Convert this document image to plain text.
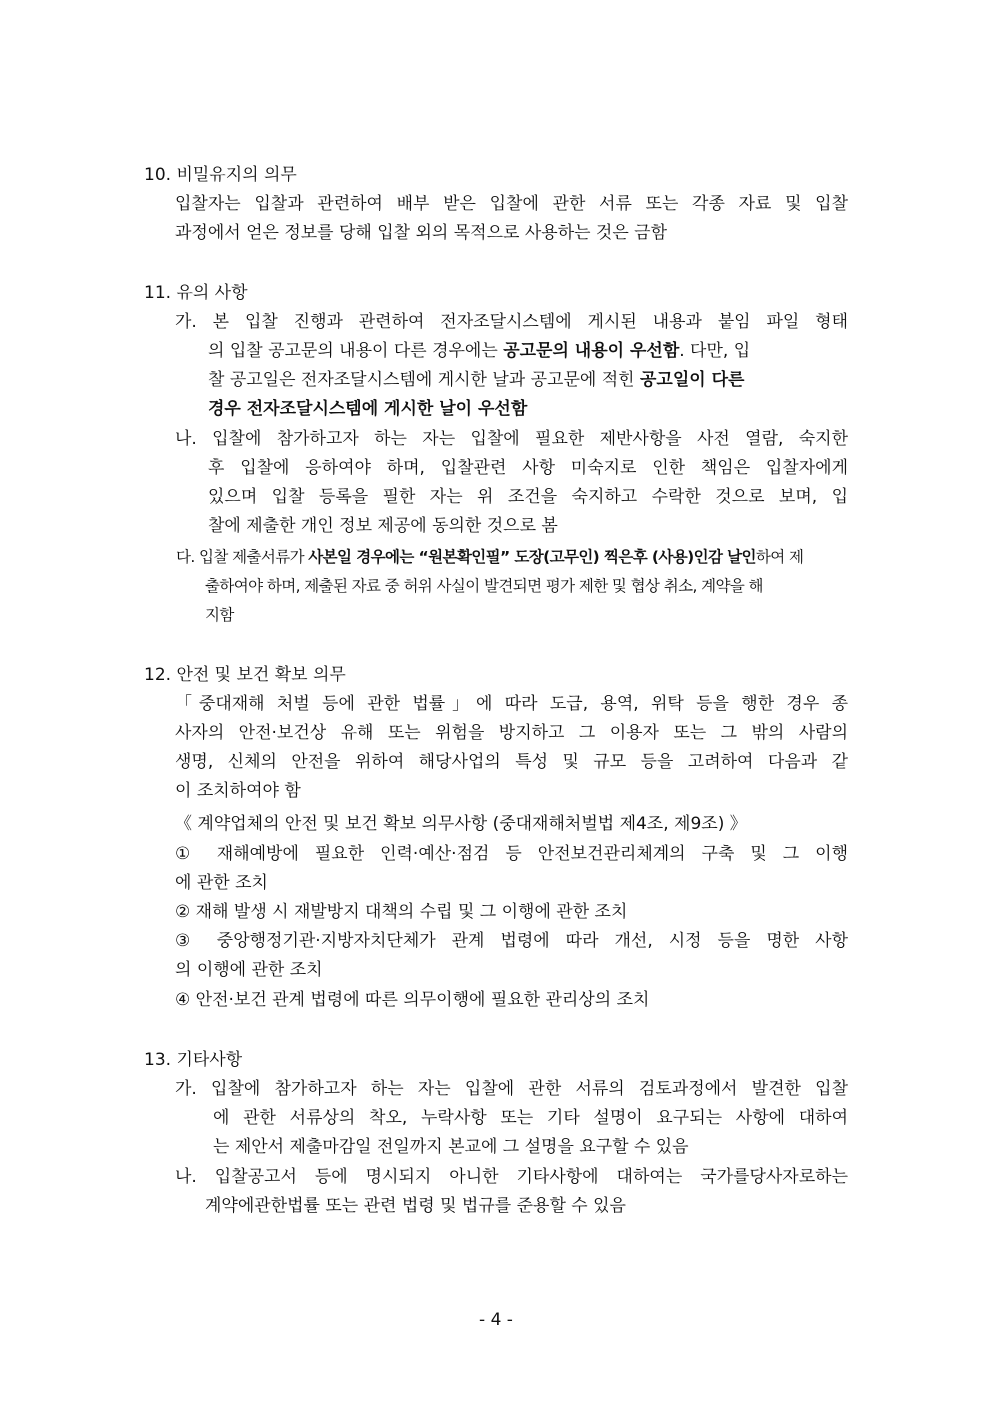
10. 비밀유지의 의무
입찰자는 입찰과 관련하여 배부 받은 입찰에 관한 서류 또는 각종 자료 및 입찰
과정에서 얻은 정보를 당해 입찰 외의 목적으로 사용하는 것은 금함
11. 유의 사항
가. 본 입찰 진행과 관련하여 전자조달시스템에 게시된 내용과 붙임 파일 형태
의 입찰 공고문의 내용이 다른 경우에는 공고문의 내용이 우선함. 다만, 입
찰 공고일은 전자조달시스템에 게시한 날과 공고문에 적힌 공고일이 다른
경우 전자조달시스템에 게시한 날이 우선함
나. 입찰에 참가하고자 하는 자는 입찰에 필요한 제반사항을 사전 열람, 숙지한
후 입찰에 응하여야 하며, 입찰관련 사항 미숙지로 인한 책임은 입찰자에게
있으며 입찰 등록을 필한 자는 위 조건을 숙지하고 수락한 것으로 보며, 입
찰에 제출한 개인 정보 제공에 동의한 것으로 봄
다. 입찰 제출서류가 사본일 경우에는 “원본확인필” 도장(고무인) 찍은후 (사용)인감 날인하여 제
출하여야 하며, 제출된 자료 중 허위 사실이 발견되면 평가 제한 및 협상 취소, 계약을 해
지함
12. 안전 및 보건 확보 의무
「중대재해 처벌 등에 관한 법률」에 따라 도급, 용역, 위탁 등을 행한 경우 종
사자의 안전·보건상 유해 또는 위험을 방지하고 그 이용자 또는 그 밖의 사람의
생명, 신체의 안전을 위하여 해당사업의 특성 및 규모 등을 고려하여 다음과 같
이 조치하여야 함
《 계약업체의 안전 및 보건 확보 의무사항 (중대재해처벌법 제4조, 제9조) 》
① 재해예방에 필요한 인력·예산·점검 등 안전보건관리체계의 구축 및 그 이행
에 관한 조치
② 재해 발생 시 재발방지 대책의 수립 및 그 이행에 관한 조치
③ 중앙행정기관·지방자치단체가 관계 법령에 따라 개선, 시정 등을 명한 사항
의 이행에 관한 조치
④ 안전·보건 관계 법령에 따른 의무이행에 필요한 관리상의 조치
13. 기타사항
가. 입찰에 참가하고자 하는 자는 입찰에 관한 서류의 검토과정에서 발견한 입찰
에 관한 서류상의 착오, 누락사항 또는 기타 설명이 요구되는 사항에 대하여
는 제안서 제출마감일 전일까지 본교에 그 설명을 요구할 수 있음
나. 입찰공고서 등에 명시되지 아니한 기타사항에 대하여는 국가를당사자로하는
계약에관한법률 또는 관련 법령 및 법규를 준용할 수 있음
- 4 -
